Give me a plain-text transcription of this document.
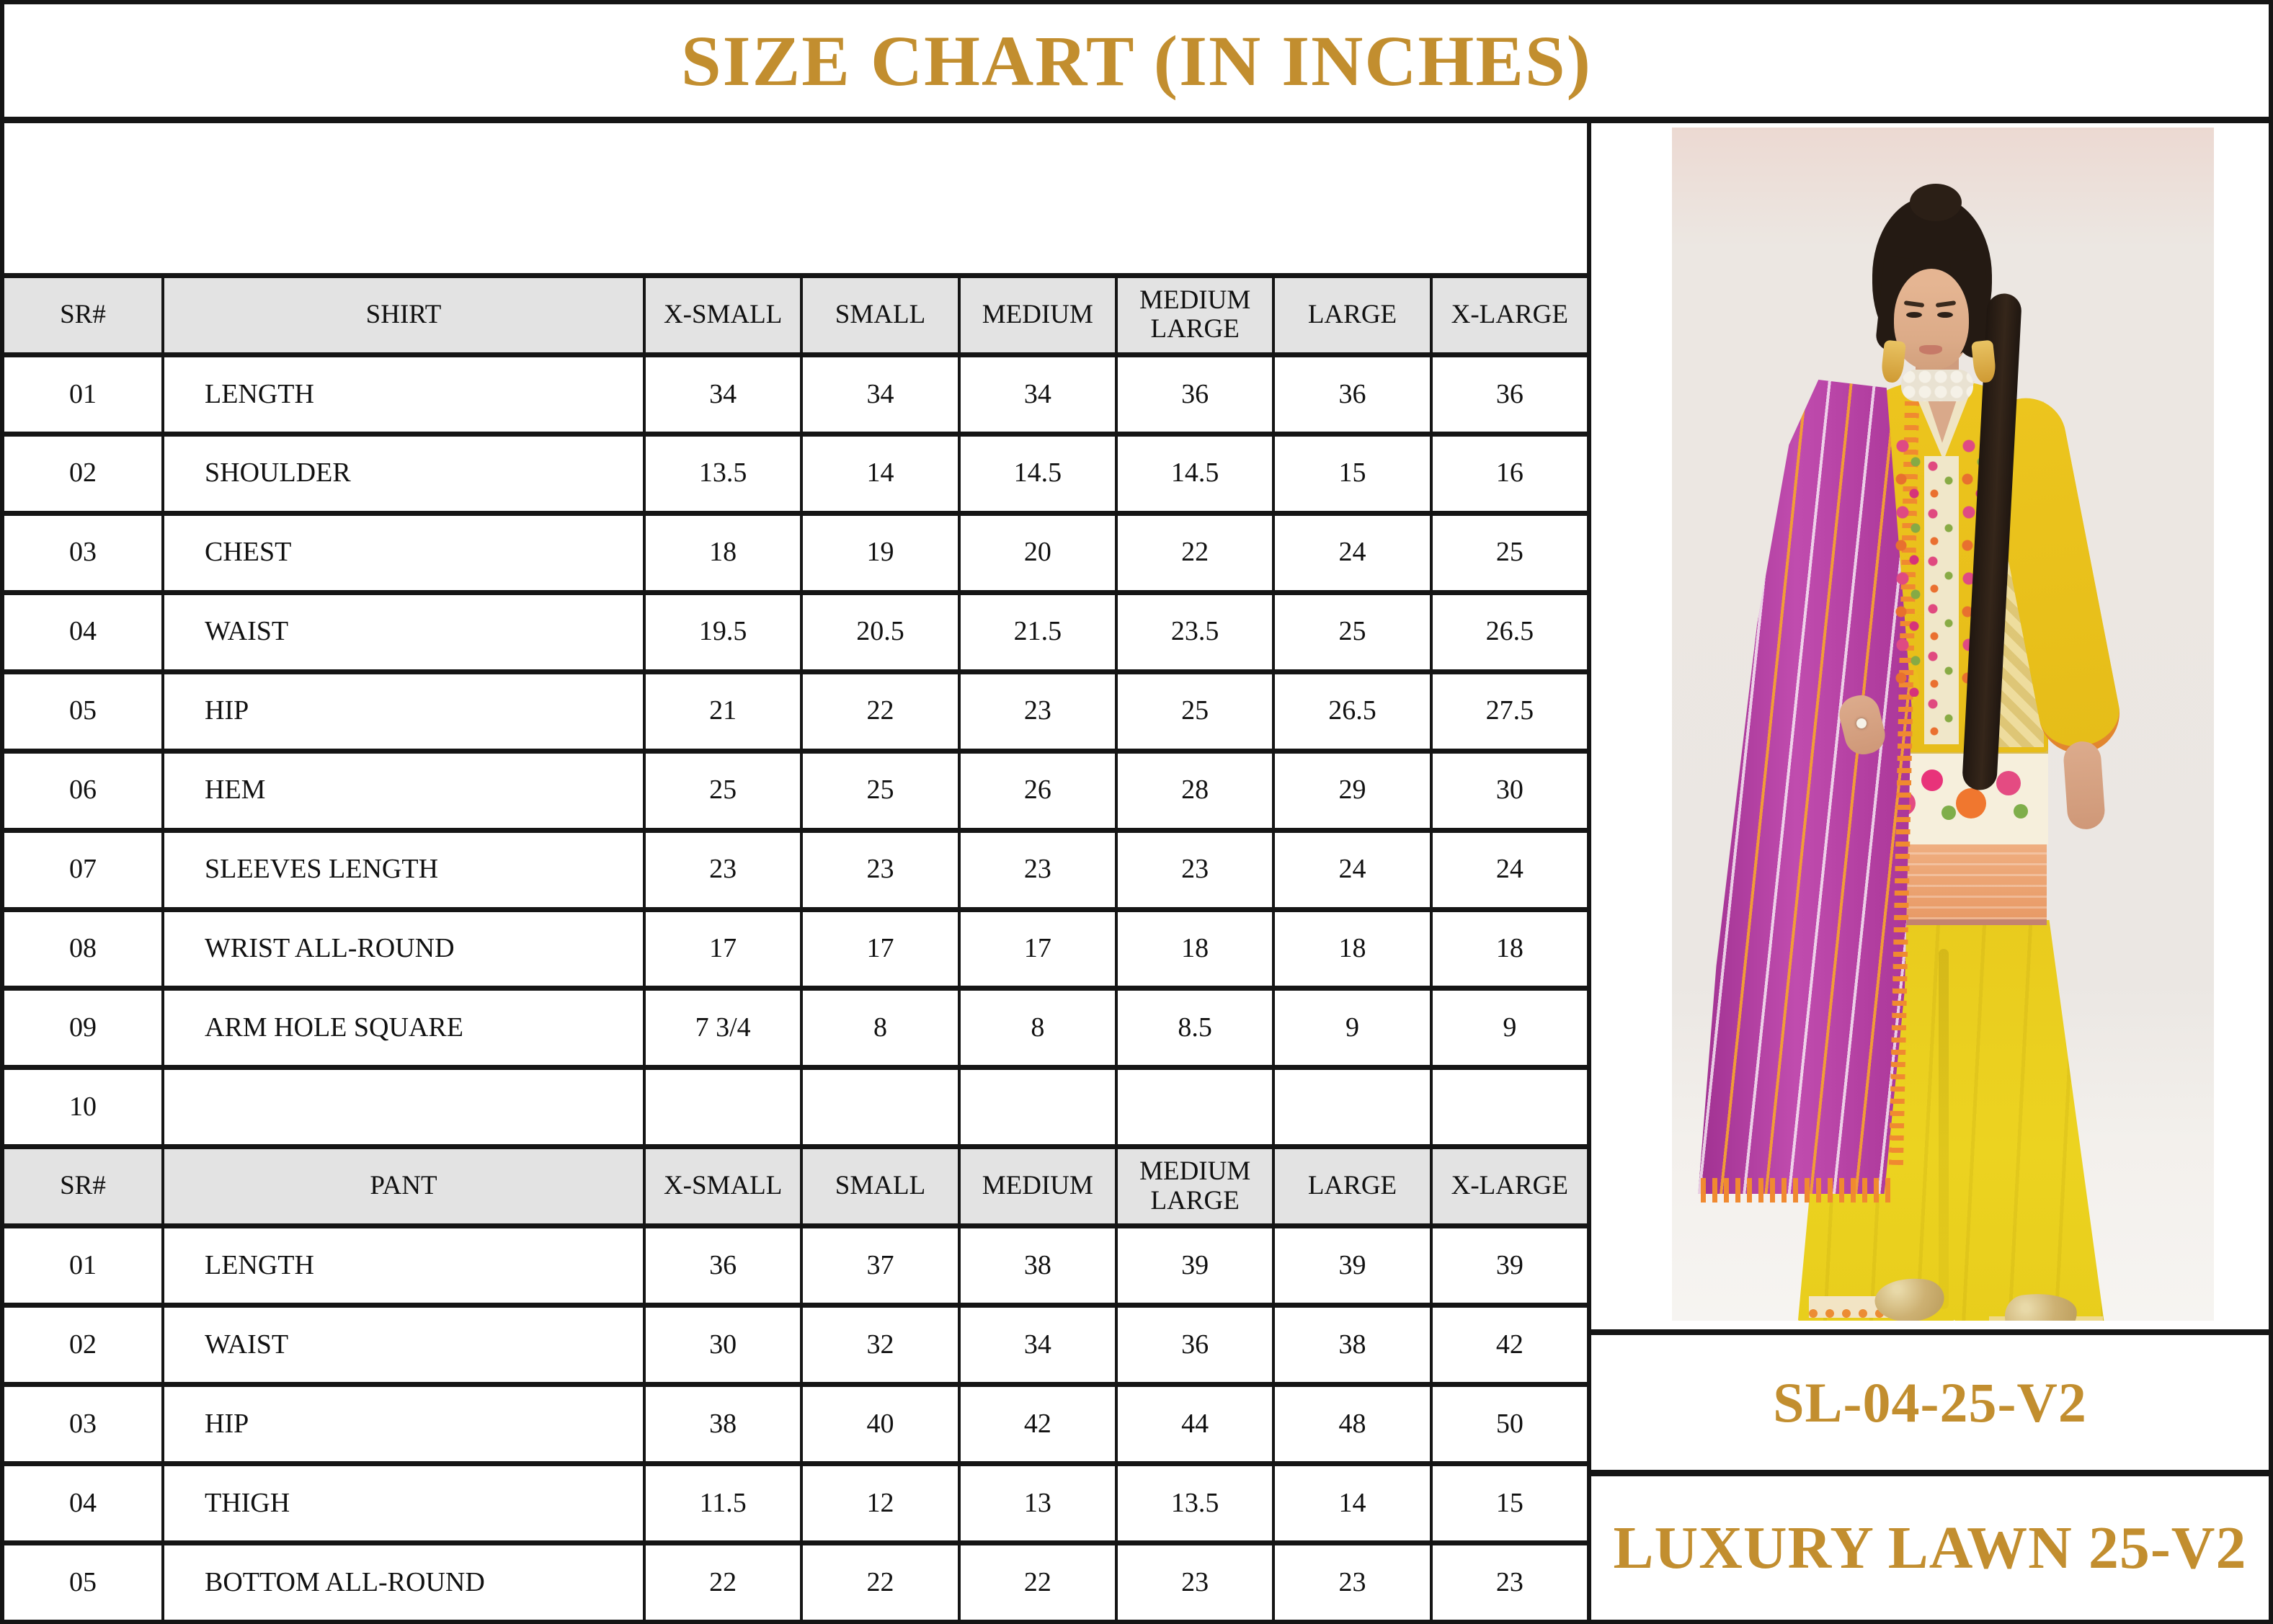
SIZE CHART (IN INCHES)
SR#	SHIRT	X-SMALL	SMALL	MEDIUM	MEDIUM LARGE	LARGE	X-LARGE
01	LENGTH	34	34	34	36	36	36
02	SHOULDER	13.5	14	14.5	14.5	15	16
03	CHEST	18	19	20	22	24	25
04	WAIST	19.5	20.5	21.5	23.5	25	26.5
05	HIP	21	22	23	25	26.5	27.5
06	HEM	25	25	26	28	29	30
07	SLEEVES LENGTH	23	23	23	23	24	24
08	WRIST ALL-ROUND	17	17	17	18	18	18
09	ARM HOLE SQUARE	7 3/4	8	8	8.5	9	9
10
SR#	PANT	X-SMALL	SMALL	MEDIUM	MEDIUM LARGE	LARGE	X-LARGE
01	LENGTH	36	37	38	39	39	39
02	WAIST	30	32	34	36	38	42
03	HIP	38	40	42	44	48	50
04	THIGH	11.5	12	13	13.5	14	15
05	BOTTOM ALL-ROUND	22	22	22	23	23	23
SL-04-25-V2
LUXURY LAWN 25-V2
